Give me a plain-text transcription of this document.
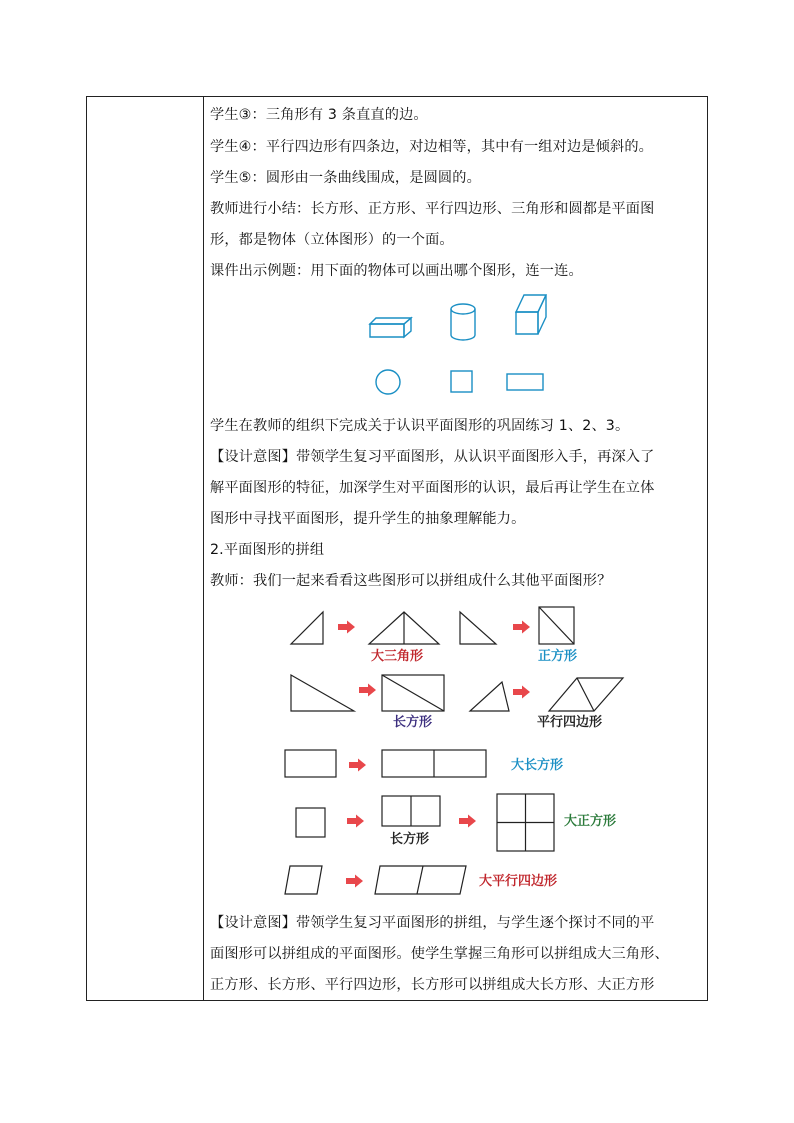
学生③：三角形有 3 条直直的边。
学生④：平行四边形有四条边，对边相等，其中有一组对边是倾斜的。
学生⑤：圆形由一条曲线围成，是圆圆的。
教师进行小结：长方形、正方形、平行四边形、三角形和圆都是平面图
形，都是物体（立体图形）的一个面。
课件出示例题：用下面的物体可以画出哪个图形，连一连。
学生在教师的组织下完成关于认识平面图形的巩固练习 1、2、3。
【设计意图】带领学生复习平面图形，从认识平面图形入手，再深入了
解平面图形的特征，加深学生对平面图形的认识，最后再让学生在立体
图形中寻找平面图形，提升学生的抽象理解能力。
2.平面图形的拼组
教师：我们一起来看看这些图形可以拼组成什么其他平面图形？
大三角形	正方形
长方形	平行四边形
大长方形
长方形
大正方形
大平行四边形
【设计意图】带领学生复习平面图形的拼组，与学生逐个探讨不同的平
面图形可以拼组成的平面图形。使学生掌握三角形可以拼组成大三角形、
正方形、长方形、平行四边形，长方形可以拼组成大长方形、大正方形
